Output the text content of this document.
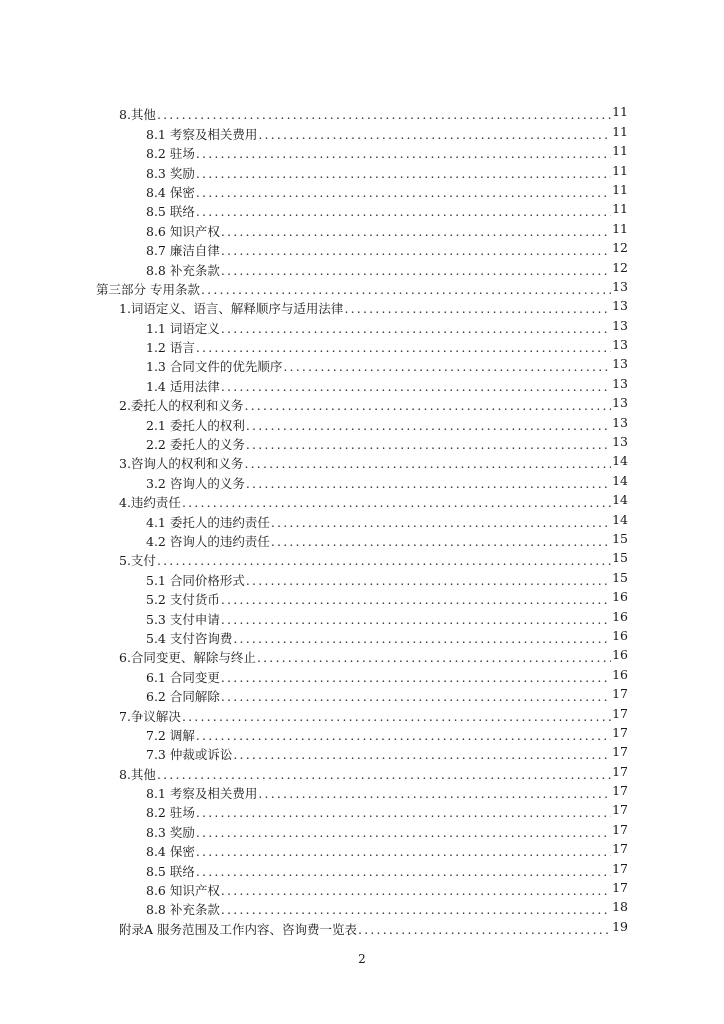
8.其他 .....	11
8.1 考察及相关费用 .....	11
8.2 驻场 .....	11
8.3 奖励 .....	11
8.4 保密 .....	11
8.5 联络 .....	11
8.6 知识产权 .....	11
8.7 廉洁自律 .....	12
8.8 补充条款 .....	12
第三部分 专用条款 .....	13
1.词语定义、语言、解释顺序与适用法律 .....	13
1.1 词语定义 .....	13
1.2 语言 .....	13
1.3 合同文件的优先顺序 .....	13
1.4 适用法律 .....	13
2.委托人的权利和义务 .....	13
2.1 委托人的权利 .....	13
2.2 委托人的义务 .....	13
3.咨询人的权利和义务 .....	14
3.2 咨询人的义务 .....	14
4.违约责任 .....	14
4.1 委托人的违约责任 .....	14
4.2 咨询人的违约责任 .....	15
5.支付 .....	15
5.1 合同价格形式 .....	15
5.2 支付货币 .....	16
5.3 支付申请 .....	16
5.4 支付咨询费 .....	16
6.合同变更、解除与终止 .....	16
6.1 合同变更 .....	16
6.2 合同解除 .....	17
7.争议解决 .....	17
7.2 调解 .....	17
7.3 仲裁或诉讼 .....	17
8.其他 .....	17
8.1 考察及相关费用 .....	17
8.2 驻场 .....	17
8.3 奖励 .....	17
8.4 保密 .....	17
8.5 联络 .....	17
8.6 知识产权 .....	17
8.8 补充条款 .....	18
附录A 服务范围及工作内容、咨询费一览表 .....	19
2
